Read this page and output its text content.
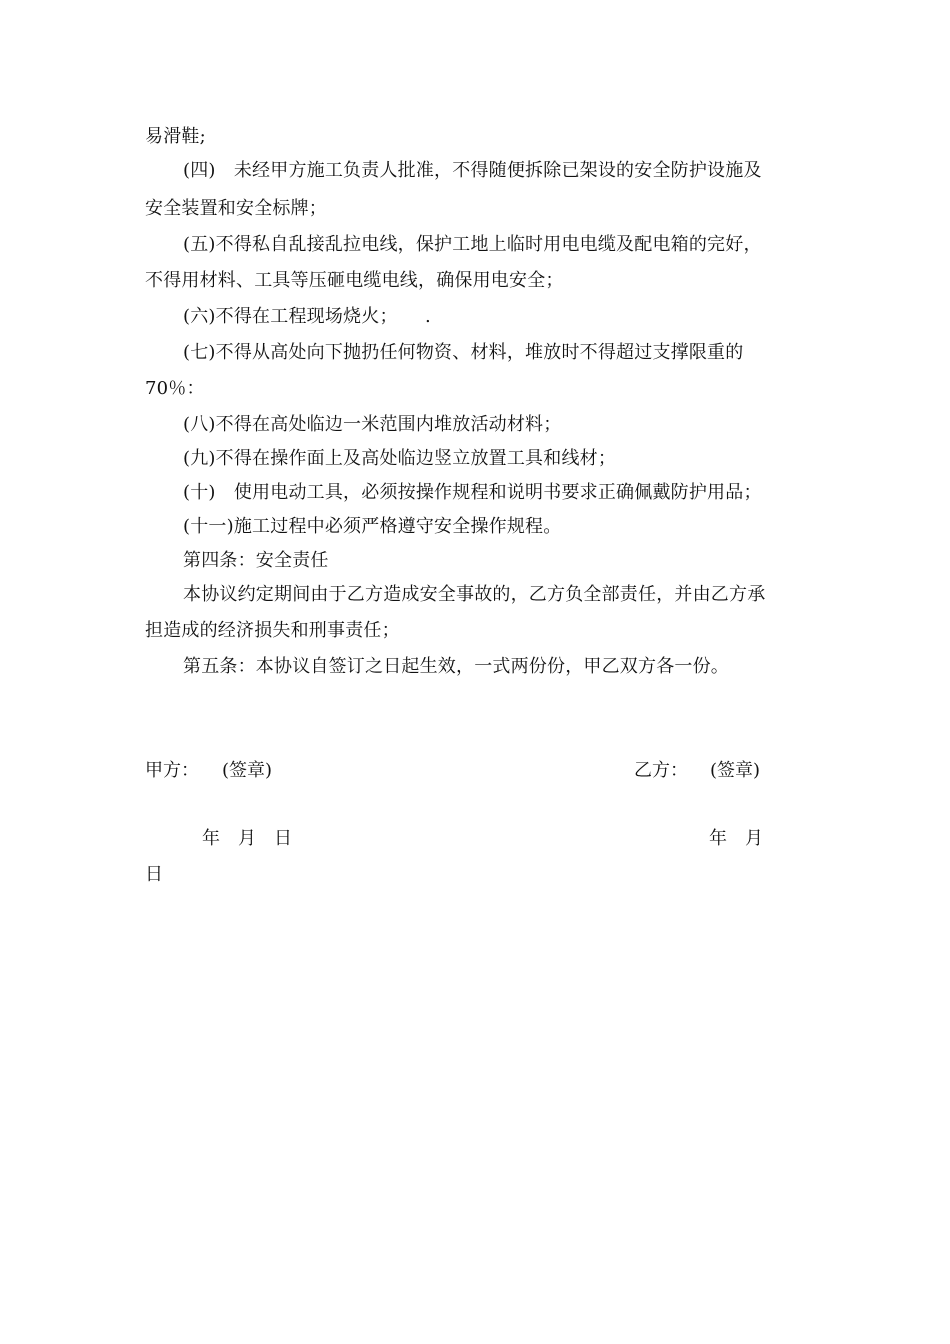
易滑鞋;
(四)　未经甲方施工负责人批准，不得随便拆除已架设的安全防护设施及
安全装置和安全标牌；
(五)不得私自乱接乱拉电线，保护工地上临时用电电缆及配电箱的完好，
不得用材料、工具等压砸电缆电线，确保用电安全；
(六)不得在工程现场烧火；　　.
(七)不得从高处向下抛扔任何物资、材料，堆放时不得超过支撑限重的
70％：
(八)不得在高处临边一米范围内堆放活动材料；
(九)不得在操作面上及高处临边竖立放置工具和线材；
(十)　使用电动工具，必须按操作规程和说明书要求正确佩戴防护用品；
(十一)施工过程中必须严格遵守安全操作规程。
第四条：安全责任
本协议约定期间由于乙方造成安全事故的，乙方负全部责任，并由乙方承
担造成的经济损失和刑事责任；
第五条：本协议自签订之日起生效，一式两份份，甲乙双方各一份。
甲方： (签章)	乙方： (签章)
年　月　日	年　月
日
